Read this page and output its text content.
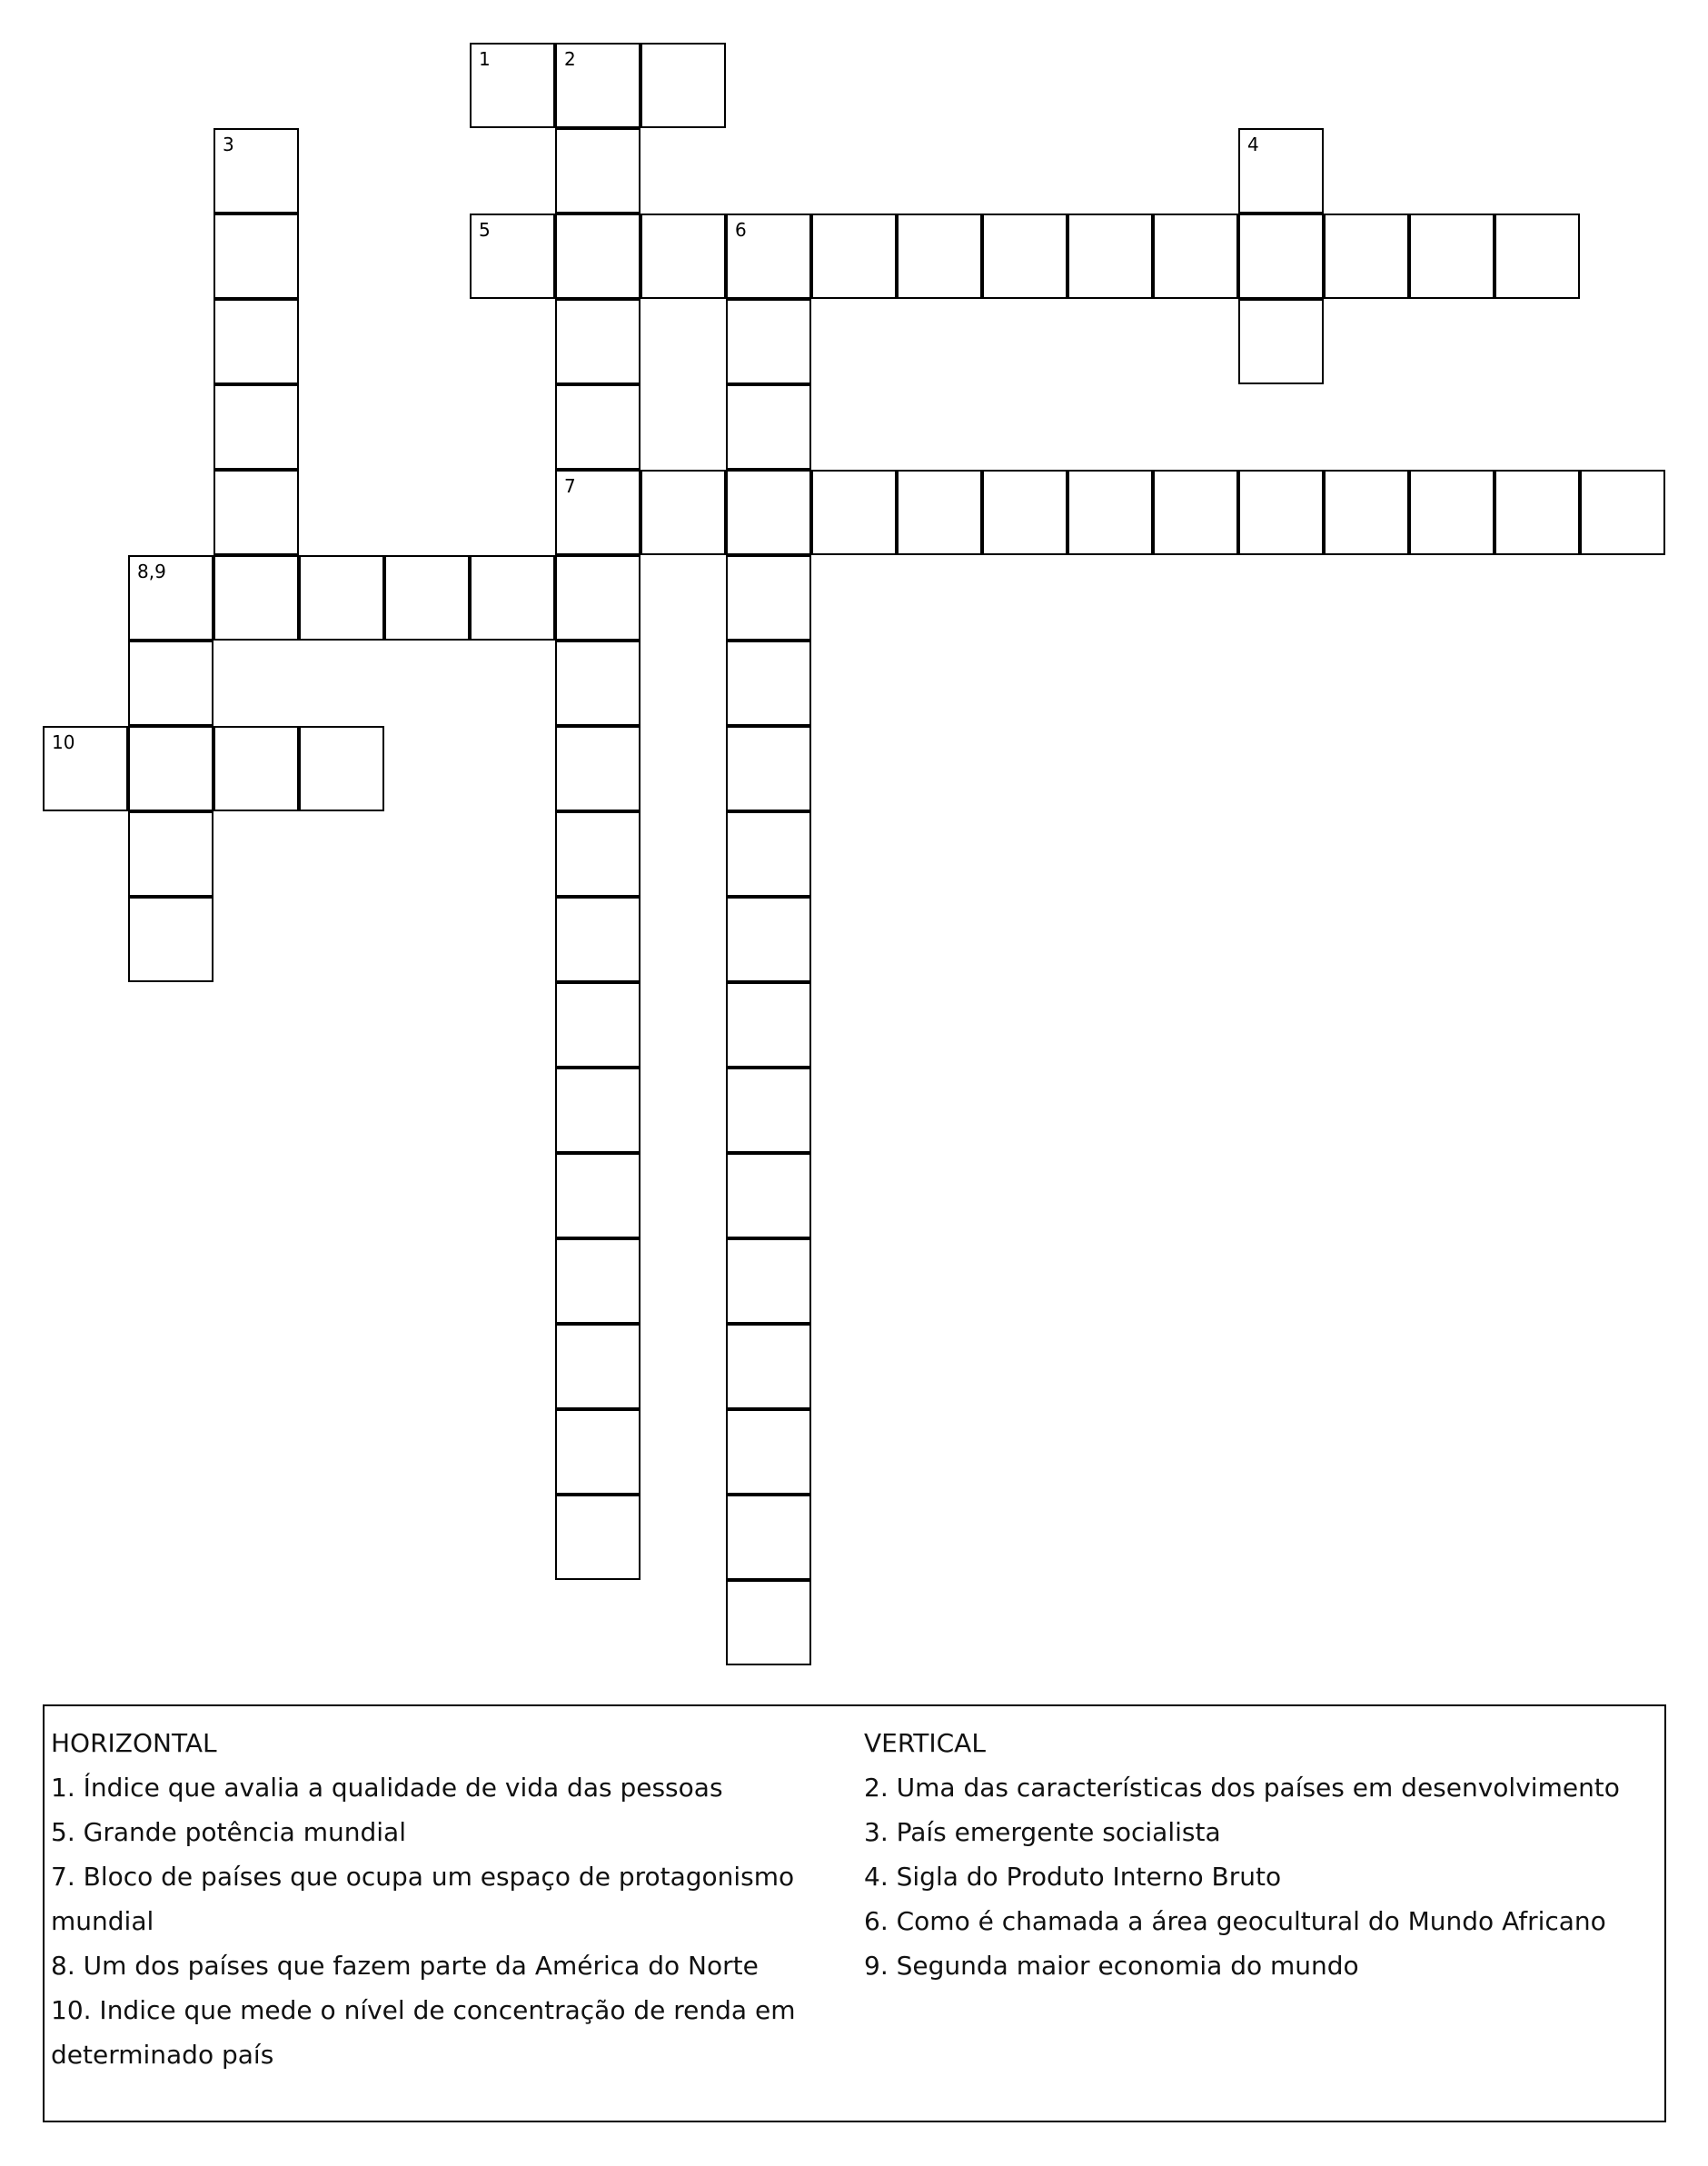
1	2
3	4
5	6
7
8,9
10
HORIZONTAL
1. Índice que avalia a qualidade de vida das pessoas
5. Grande potência mundial
7. Bloco de países que ocupa um espaço de protagonismo mundial
8. Um dos países que fazem parte da América do Norte
10. Indice que mede o nível de concentração de renda em determinado país
VERTICAL
2. Uma das características dos países em desenvolvimento
3. País emergente socialista
4. Sigla do Produto Interno Bruto
6. Como é chamada a área geocultural do Mundo Africano
9. Segunda maior economia do mundo
